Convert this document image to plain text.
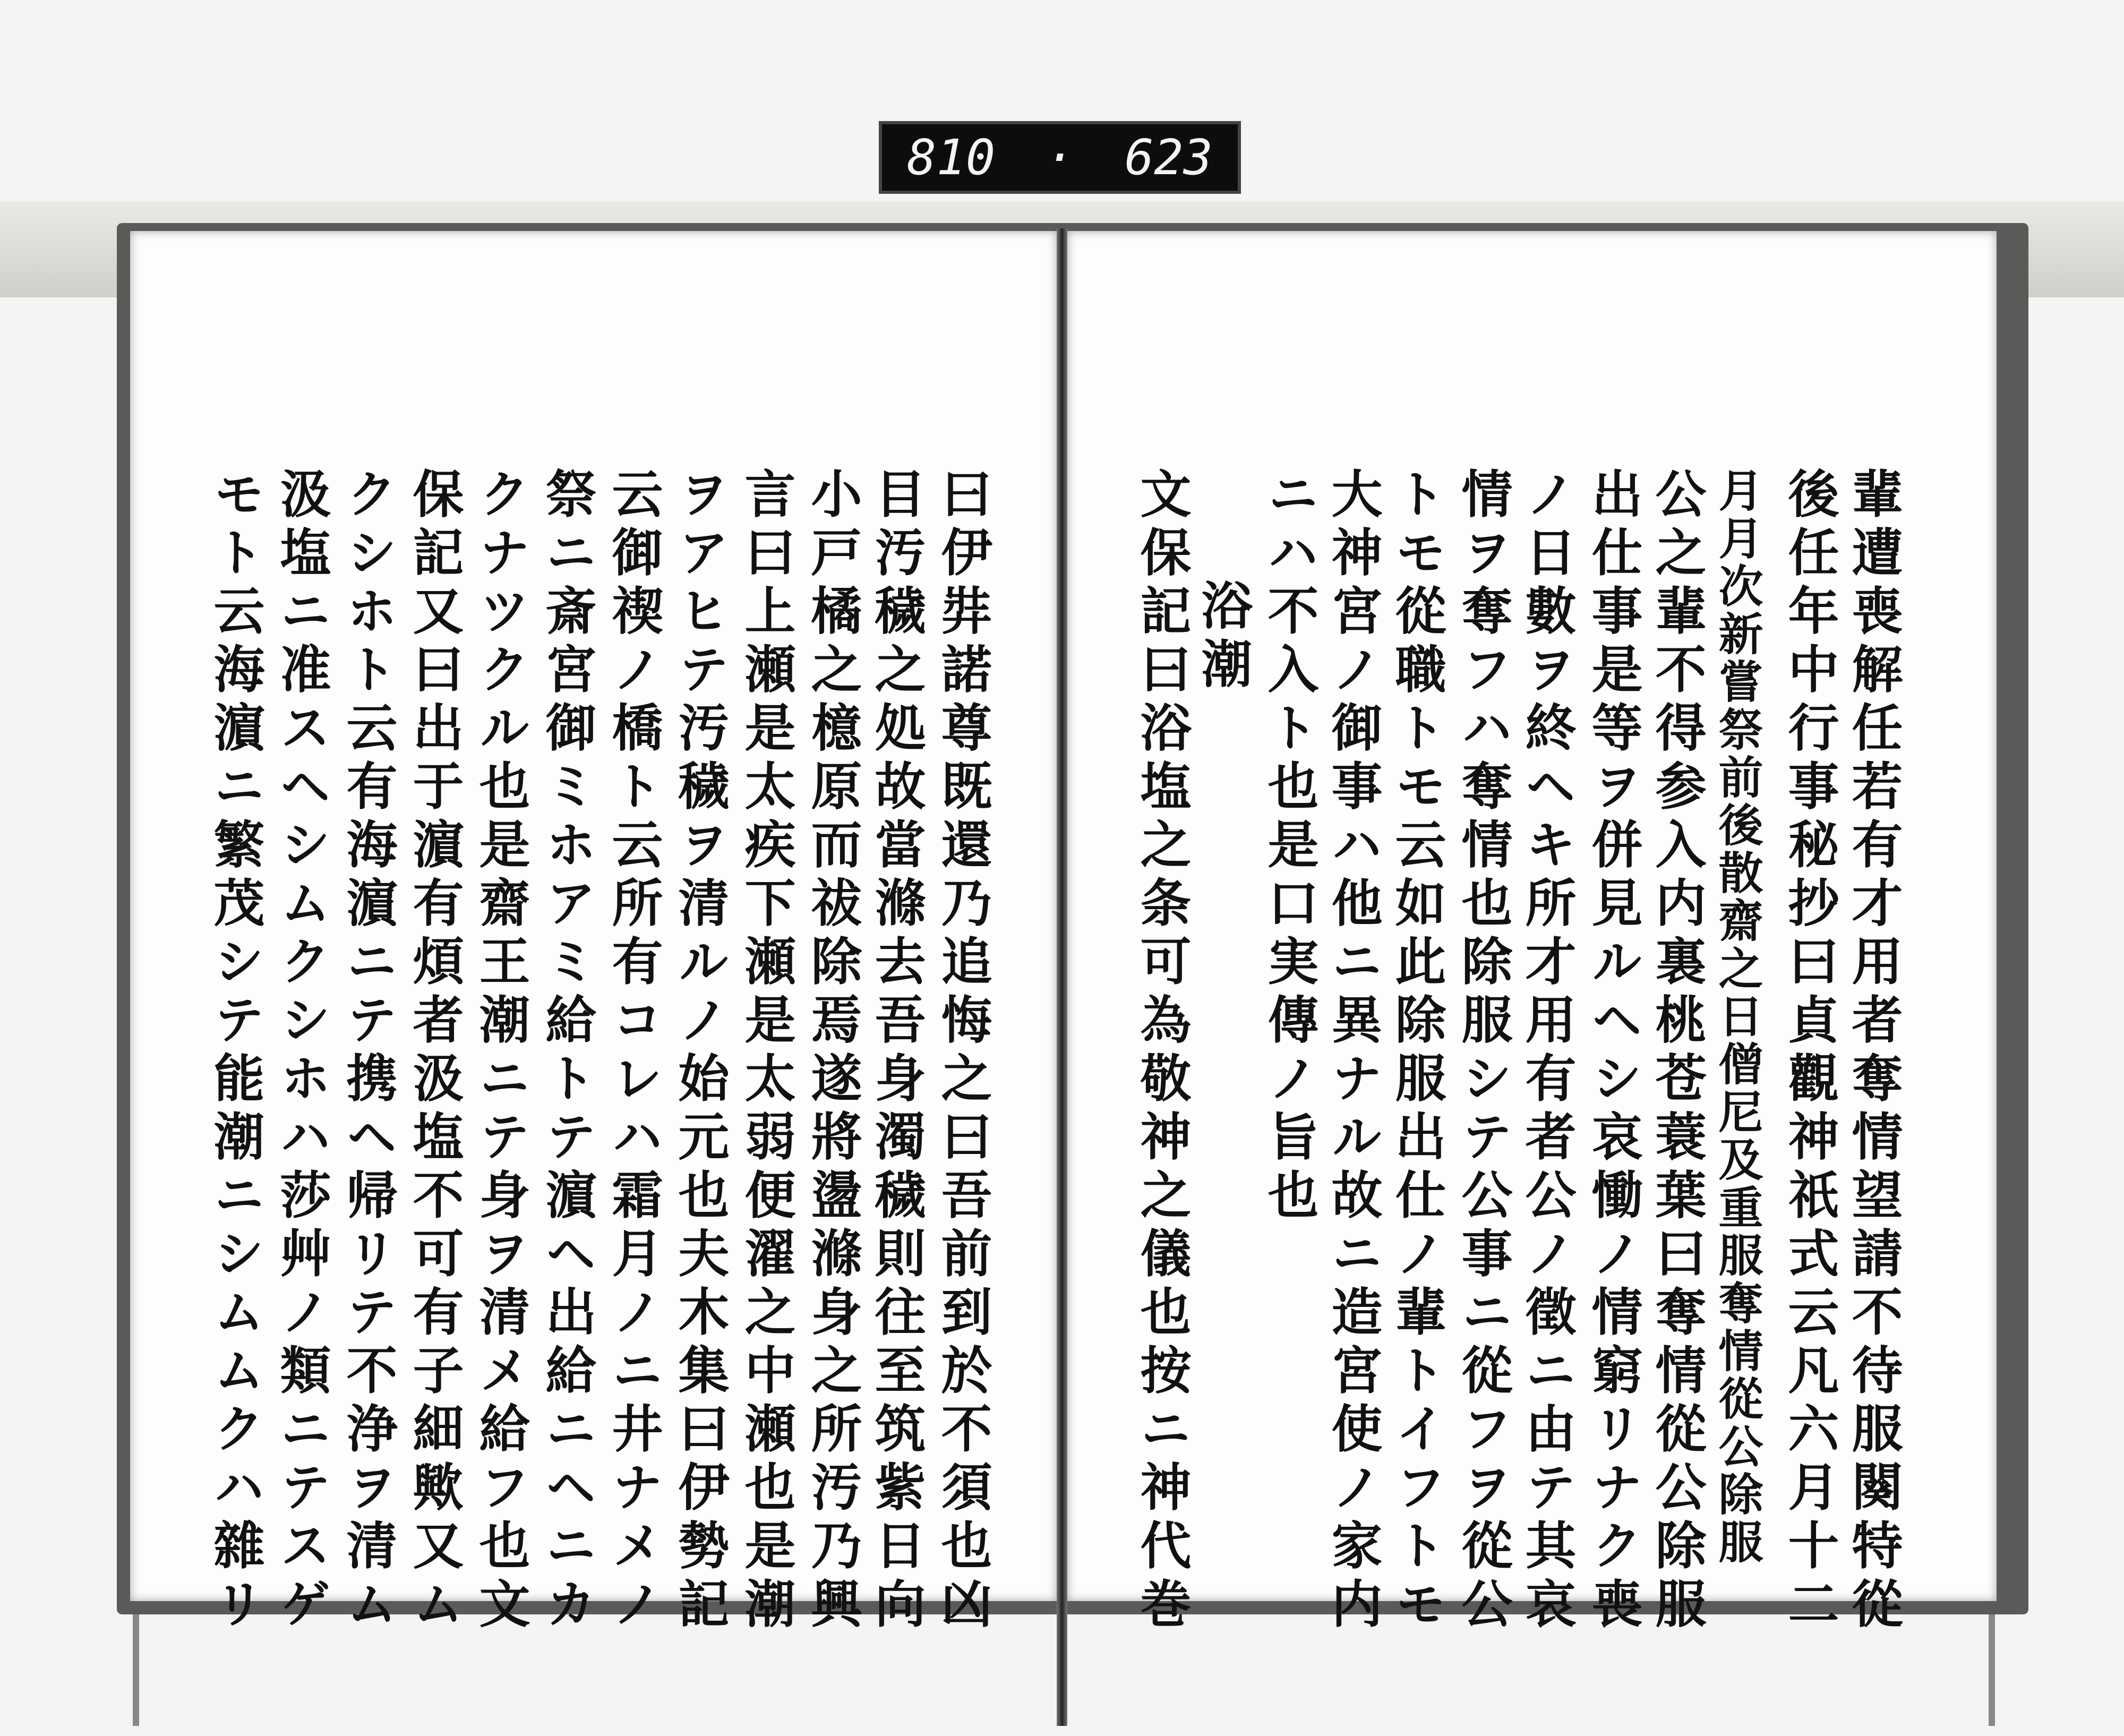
810 · 623
輩遭喪解任若有才用者奪情望請不待服闋特從
後任年中行事秘抄曰貞觀神祇式云凡六月十二
月月次新嘗祭前後散齋之日僧尼及重服奪情從公除服
公之輩不得参入内裏桃苍蓑葉曰奪情從公除服
出仕事是等ヲ併見ルヘシ哀慟ノ情窮リナク喪
ノ日數ヲ終ヘキ所才用有者公ノ徵ニ由テ其哀
情ヲ奪フハ奪情也除服シテ公事ニ從フヲ從公
トモ從職トモ云如此除服出仕ノ輩トイフトモ
大神宮ノ御事ハ他ニ異ナル故ニ造宮使ノ家内
ニハ不入ト也是口実傳ノ旨也
浴潮
文保記曰浴塩之条可為敬神之儀也按ニ神代巻
曰伊弉諾尊既還乃追悔之曰吾前到於不須也凶
目汚穢之処故當滌去吾身濁穢則往至筑紫日向
小戸橘之檍原而祓除焉遂將盪滌身之所汚乃興
言曰上瀬是太疾下瀬是太弱便濯之中瀬也是潮
ヲアヒテ汚穢ヲ清ルノ始元也夫木集曰伊勢記
云御禊ノ橋ト云所有コレハ霜月ノニ井ナメノ
祭ニ斎宮御ミホアミ給トテ濵ヘ出給ニヘニカ
クナツクル也是齋王潮ニテ身ヲ清メ給フ也文
保記又曰出于濵有煩者汲塩不可有子細歟又ム
クシホト云有海濵ニテ携ヘ帰リテ不浄ヲ清ム
汲塩ニ准スヘシムクシホハ莎艸ノ類ニテスゲ
モト云海濵ニ繁茂シテ能潮ニシムムクハ雜リ
